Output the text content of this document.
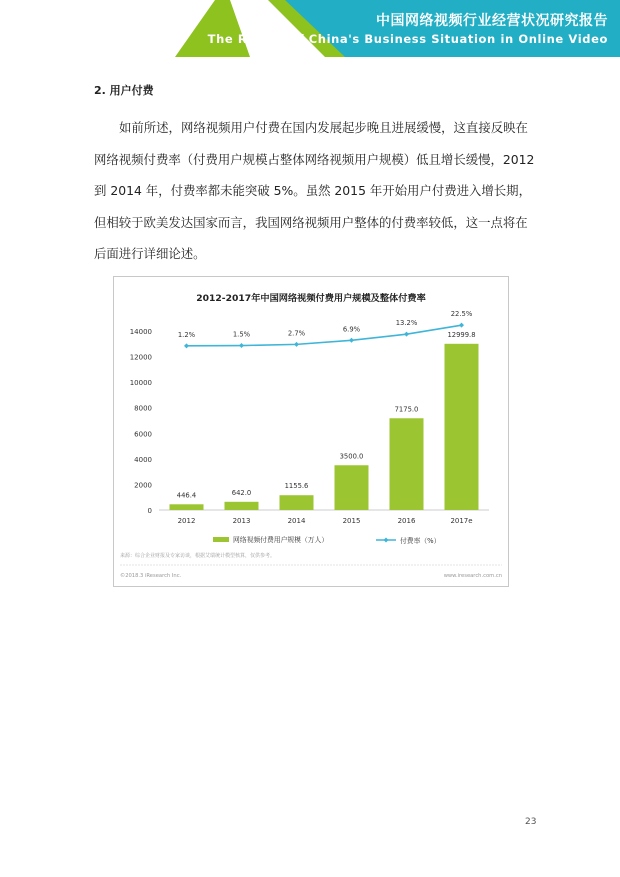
中国网络视频行业经营状况研究报告
The Report of China's Business Situation in Online Video
2. 用户付费
如前所述，网络视频用户付费在国内发展起步晚且进展缓慢，这直接反映在
网络视频付费率（付费用户规模占整体网络视频用户规模）低且增长缓慢，2012
到 2014 年，付费率都未能突破 5%。虽然 2015 年开始用户付费进入增长期，
但相较于欧美发达国家而言，我国网络视频用户整体的付费率较低，这一点将在
后面进行详细论述。
2012-2017年中国网络视频付费用户规模及整体付费率
0
2000
4000
6000
8000
10000
12000
14000
446.4	642.0
1155.6
3500.0
7175.0
12999.8
2012	2013	2014	2015	2016	2017e
1.2%	1.5%	2.7%
6.9%
13.2%
22.5%
网络视频付费用户规模（万人）	付费率（%）
来源：综合企业财报及专家访谈，根据艾瑞统计模型核算，仅供参考。
©2018.3 iResearch Inc.	www.iresearch.com.cn
23
